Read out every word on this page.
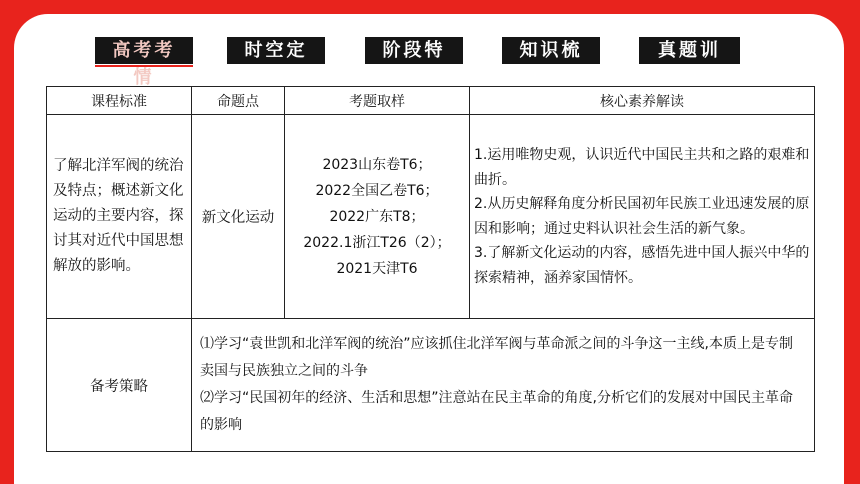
高考考情
时空定位
阶段特征
知识梳理
真题训练
课程标准	命题点	考题取样	核心素养解读
了解北洋军阀的统治及特点；概述新文化运动的主要内容，探讨其对近代中国思想解放的影响。	新文化运动	2023山东卷T6；
2022全国乙卷T6；
2022广东T8；
2022.1浙江T26（2）；
2021天津T6	1.运用唯物史观，认识近代中国民主共和之路的艰难和曲折。
2.从历史解释角度分析民国初年民族工业迅速发展的原因和影响；通过史料认识社会生活的新气象。
3.了解新文化运动的内容，感悟先进中国人振兴中华的探索精神，涵养家国情怀。

备考策略	⑴学习“袁世凯和北洋军阀的统治”应该抓住北洋军阀与革命派之间的斗争这一主线,本质上是专制卖国与民族独立之间的斗争
⑵学习“民国初年的经济、生活和思想”注意站在民主革命的角度,分析它们的发展对中国民主革命的影响		
